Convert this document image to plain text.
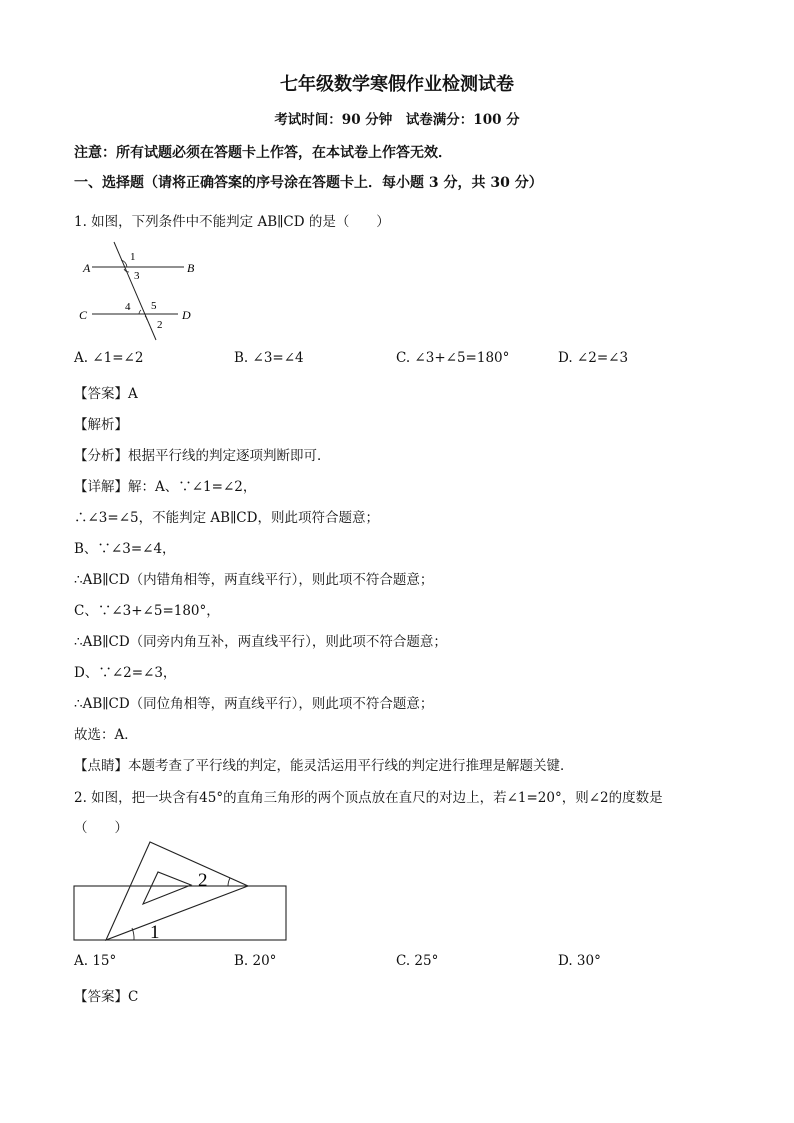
七年级数学寒假作业检测试卷
考试时间：90 分钟　试卷满分：100 分
注意：所有试题必须在答题卡上作答，在本试卷上作答无效．
一、选择题（请将正确答案的序号涂在答题卡上．每小题 3 分，共 30 分）
1. 如图，下列条件中不能判定 AB∥CD 的是（　　）
A	B
C	D
1
3
4 5
2
A. ∠1=∠2	B. ∠3=∠4	C. ∠3+∠5=180°	D. ∠2=∠3
【答案】A
【解析】
【分析】根据平行线的判定逐项判断即可．
【详解】解：A、∵∠1=∠2，
∴∠3=∠5，不能判定 AB∥CD，则此项符合题意；
B、∵∠3=∠4，
∴AB∥CD（内错角相等，两直线平行），则此项不符合题意；
C、∵∠3+∠5=180°，
∴AB∥CD（同旁内角互补，两直线平行），则此项不符合题意；
D、∵∠2=∠3，
∴AB∥CD（同位角相等，两直线平行），则此项不符合题意；
故选：A．
【点睛】本题考查了平行线的判定，能灵活运用平行线的判定进行推理是解题关键．
2. 如图，把一块含有45°的直角三角形的两个顶点放在直尺的对边上，若∠1=20°，则∠2的度数是
（　　）
1
2
A. 15°	B. 20°	C. 25°	D. 30°
【答案】C
